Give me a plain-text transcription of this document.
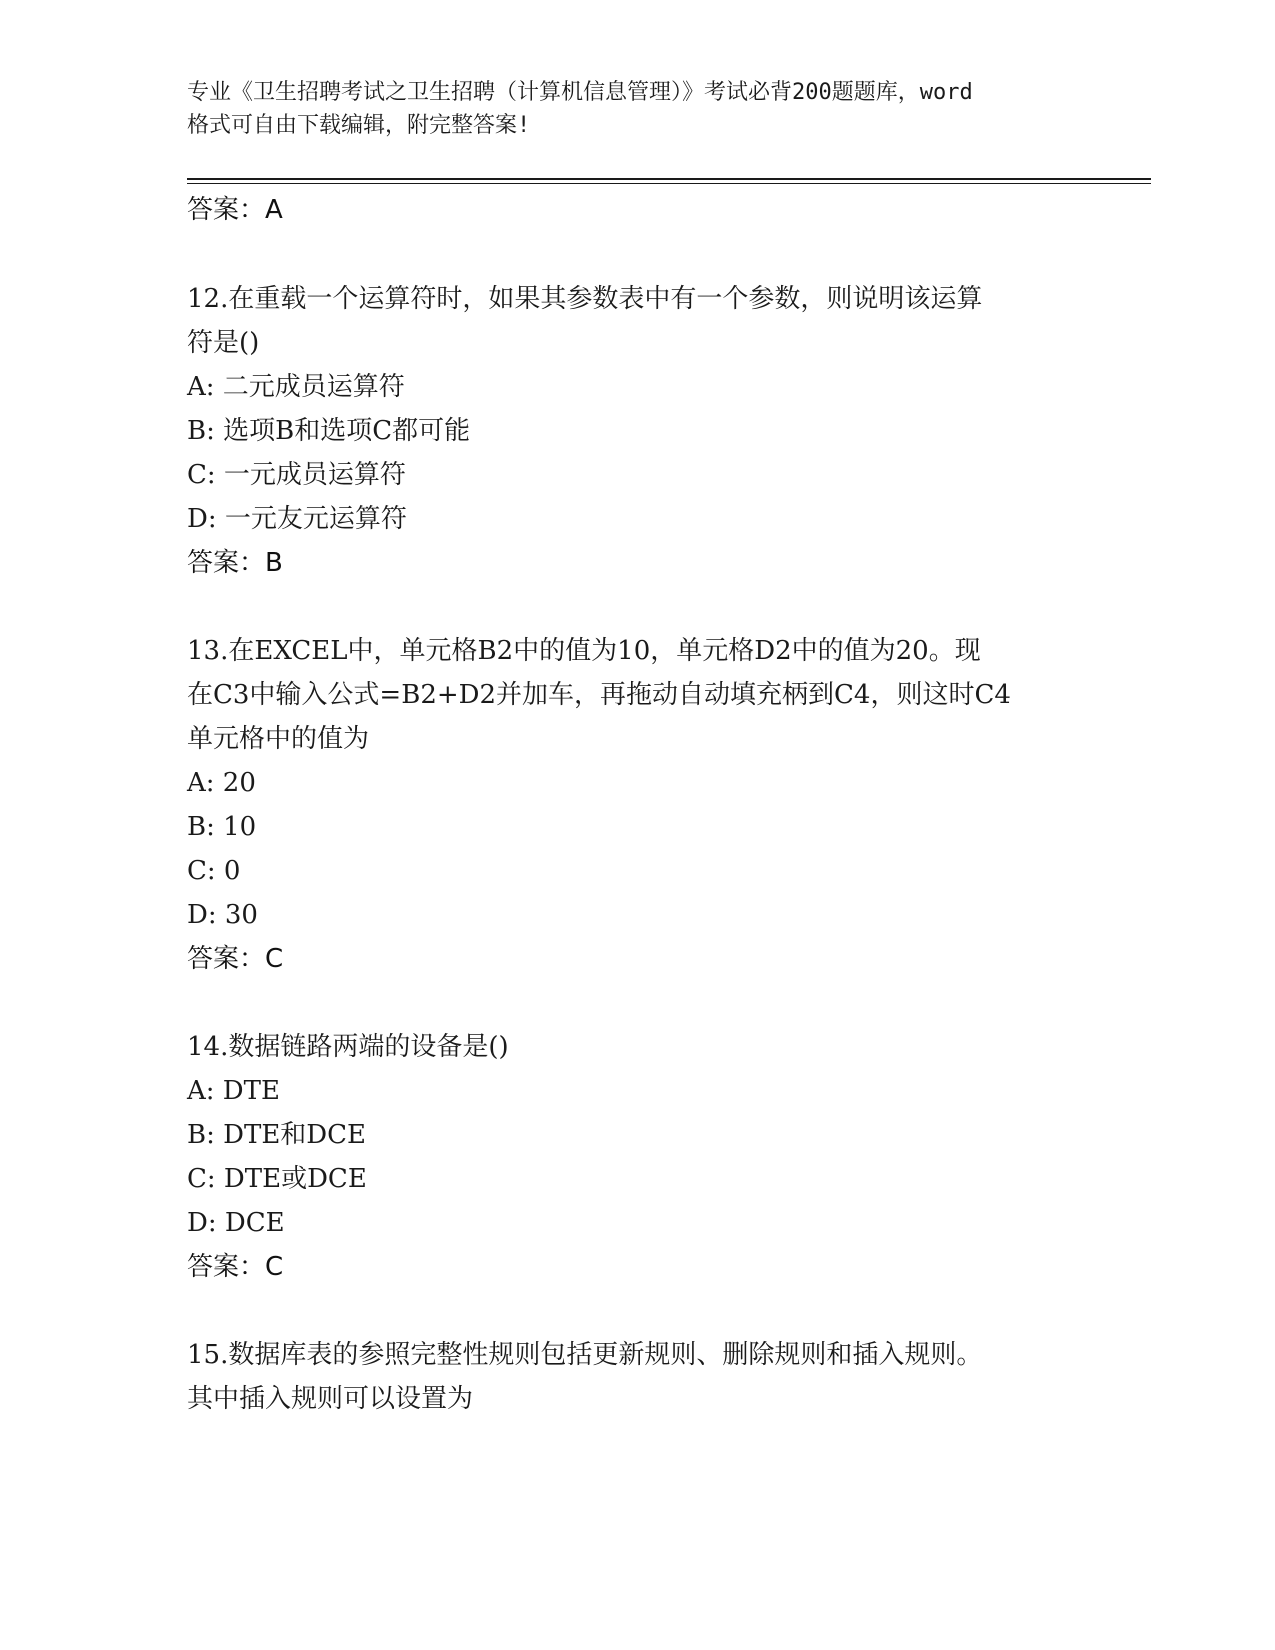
专业《卫生招聘考试之卫生招聘（计算机信息管理）》考试必背200题题库，word
格式可自由下载编辑，附完整答案!
答案：A
12.在重载一个运算符时，如果其参数表中有一个参数，则说明该运算
符是()
A: 二元成员运算符
B: 选项B和选项C都可能
C: 一元成员运算符
D: 一元友元运算符
答案：B
13.在EXCEL中，单元格B2中的值为10，单元格D2中的值为20。现
在C3中输入公式=B2+D2并加车，再拖动自动填充柄到C4，则这时C4
单元格中的值为
A: 20
B: 10
C: 0
D: 30
答案：C
14.数据链路两端的设备是()
A: DTE
B: DTE和DCE
C: DTE或DCE
D: DCE
答案：C
15.数据库表的参照完整性规则包括更新规则、删除规则和插入规则。
其中插入规则可以设置为
